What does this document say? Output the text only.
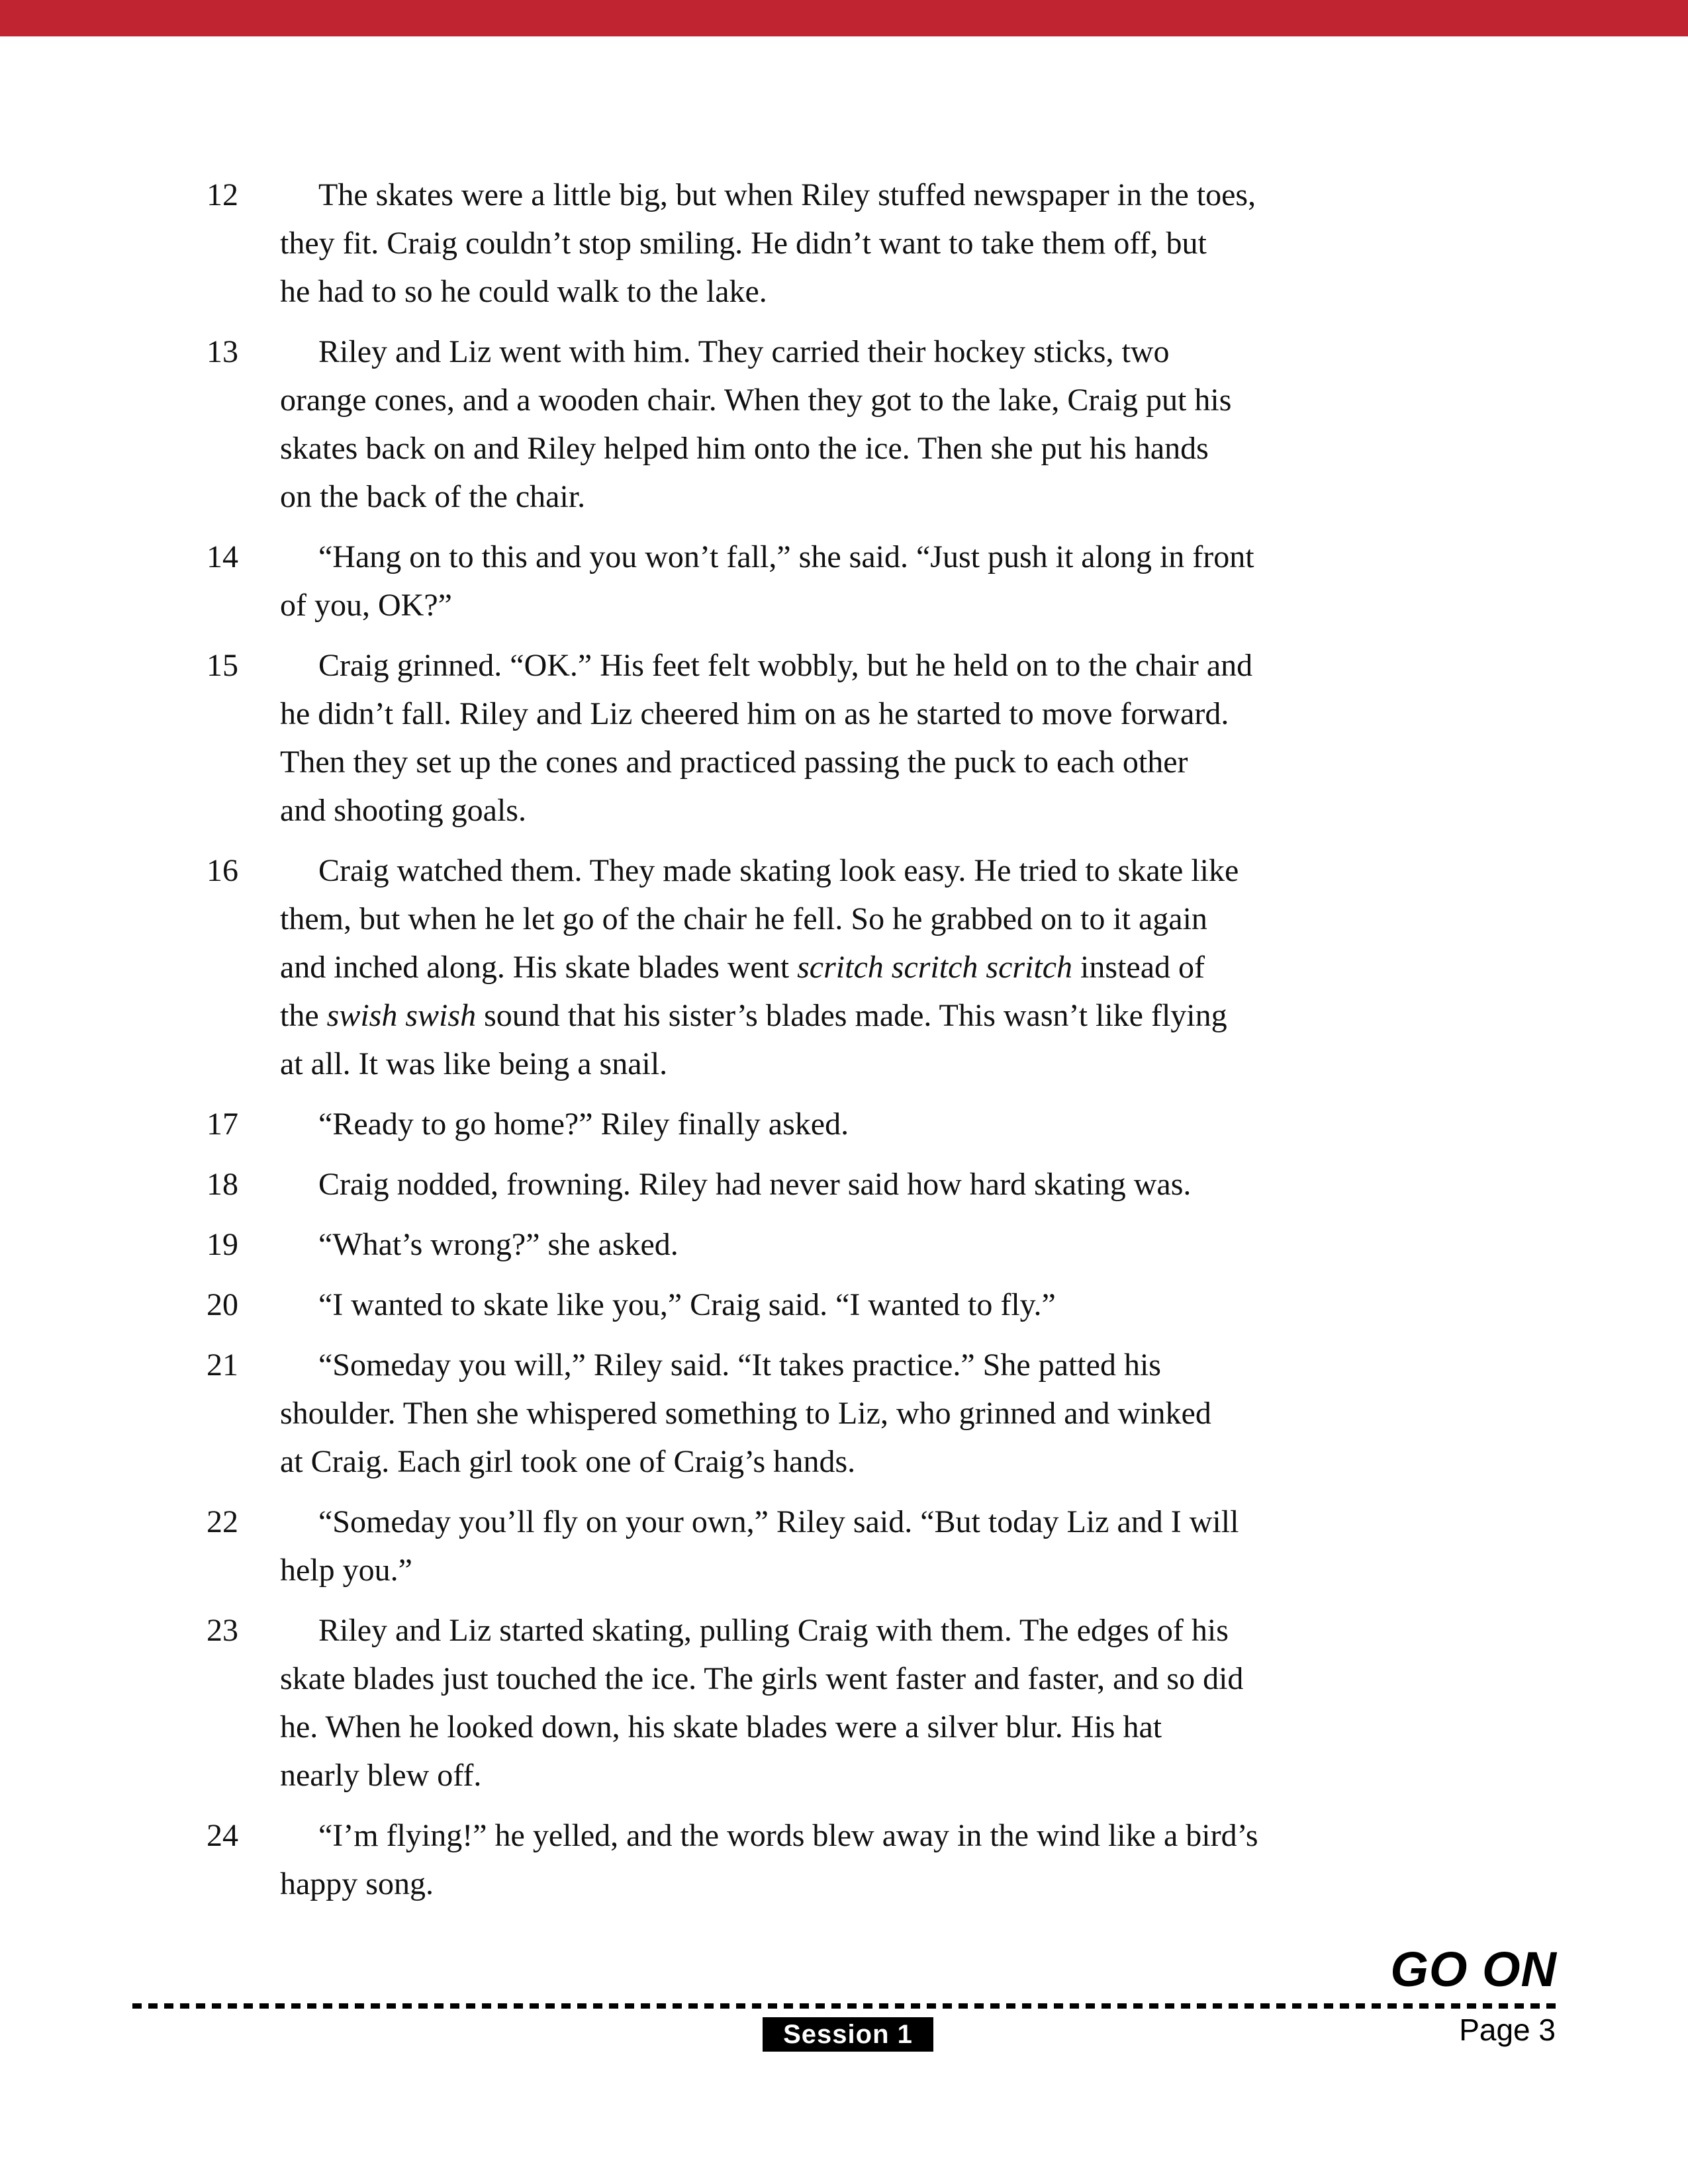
12	The skates were a little big, but when Riley stuffed newspaper in the toes,
they fit. Craig couldn’t stop smiling. He didn’t want to take them off, but
he had to so he could walk to the lake.
13	Riley and Liz went with him. They carried their hockey sticks, two
orange cones, and a wooden chair. When they got to the lake, Craig put his
skates back on and Riley helped him onto the ice. Then she put his hands
on the back of the chair.
14	“Hang on to this and you won’t fall,” she said. “Just push it along in front
of you, OK?”
15	Craig grinned. “OK.” His feet felt wobbly, but he held on to the chair and
he didn’t fall. Riley and Liz cheered him on as he started to move forward.
Then they set up the cones and practiced passing the puck to each other
and shooting goals.
16	Craig watched them. They made skating look easy. He tried to skate like
them, but when he let go of the chair he fell. So he grabbed on to it again
and inched along. His skate blades went scritch scritch scritch instead of
the swish swish sound that his sister’s blades made. This wasn’t like flying
at all. It was like being a snail.
17	“Ready to go home?” Riley finally asked.
18	Craig nodded, frowning. Riley had never said how hard skating was.
19	“What’s wrong?” she asked.
20	“I wanted to skate like you,” Craig said. “I wanted to fly.”
21	“Someday you will,” Riley said. “It takes practice.” She patted his
shoulder. Then she whispered something to Liz, who grinned and winked
at Craig. Each girl took one of Craig’s hands.
22	“Someday you’ll fly on your own,” Riley said. “But today Liz and I will
help you.”
23	Riley and Liz started skating, pulling Craig with them. The edges of his
skate blades just touched the ice. The girls went faster and faster, and so did
he. When he looked down, his skate blades were a silver blur. His hat
nearly blew off.
24	“I’m flying!” he yelled, and the words blew away in the wind like a bird’s
happy song.
GO ON
Session 1	Page 3
